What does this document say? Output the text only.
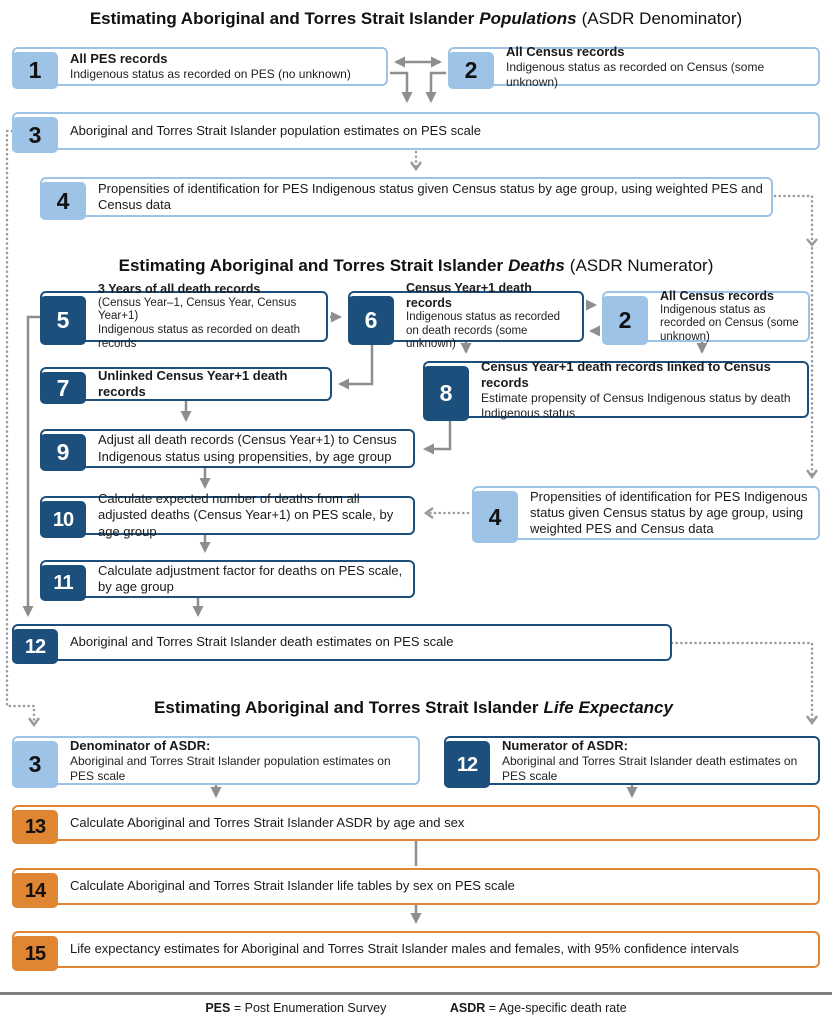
Estimating Aboriginal and Torres Strait Islander Populations (ASDR Denominator)
1	All PES records
Indigenous status as recorded on PES (no unknown)	2
All Census records
Indigenous status as recorded on Census (some unknown)
3	Aboriginal and Torres Strait Islander population estimates on PES scale
4	Propensities of identification for PES Indigenous status given Census status by age group, using weighted PES and Census data
Estimating Aboriginal and Torres Strait Islander Deaths (ASDR Numerator)
5
3 Years of all death records
(Census Year–1, Census Year, Census Year+1)
Indigenous status as recorded on death records
6
Census Year+1 death records
Indigenous status as recorded on death records (some unknown)
2
All Census records
Indigenous status as recorded on Census (some unknown)
7	Unlinked Census Year+1 death records	8
Census Year+1 death records linked to Census records
Estimate propensity of Census Indigenous status by death Indigenous status
9	Adjust all death records (Census Year+1) to Census Indigenous status using propensities, by age group
10
Calculate expected number of deaths from all adjusted deaths (Census Year+1) on PES scale, by age group
4
Propensities of identification for PES Indigenous status given Census status by age group, using weighted PES and Census data
11
Calculate adjustment factor for deaths on PES scale, by age group
12	Aboriginal and Torres Strait Islander death estimates on PES scale
Estimating Aboriginal and Torres Strait Islander Life Expectancy
3
Denominator of ASDR:
Aboriginal and Torres Strait Islander population estimates on PES scale
12
Numerator of ASDR:
Aboriginal and Torres Strait Islander death estimates on PES scale
13	Calculate Aboriginal and Torres Strait Islander ASDR by age and sex
14	Calculate Aboriginal and Torres Strait Islander life tables by sex on PES scale
15	Life expectancy estimates for Aboriginal and Torres Strait Islander males and females, with 95% confidence intervals
PES = Post Enumeration Survey	ASDR = Age-specific death rate
